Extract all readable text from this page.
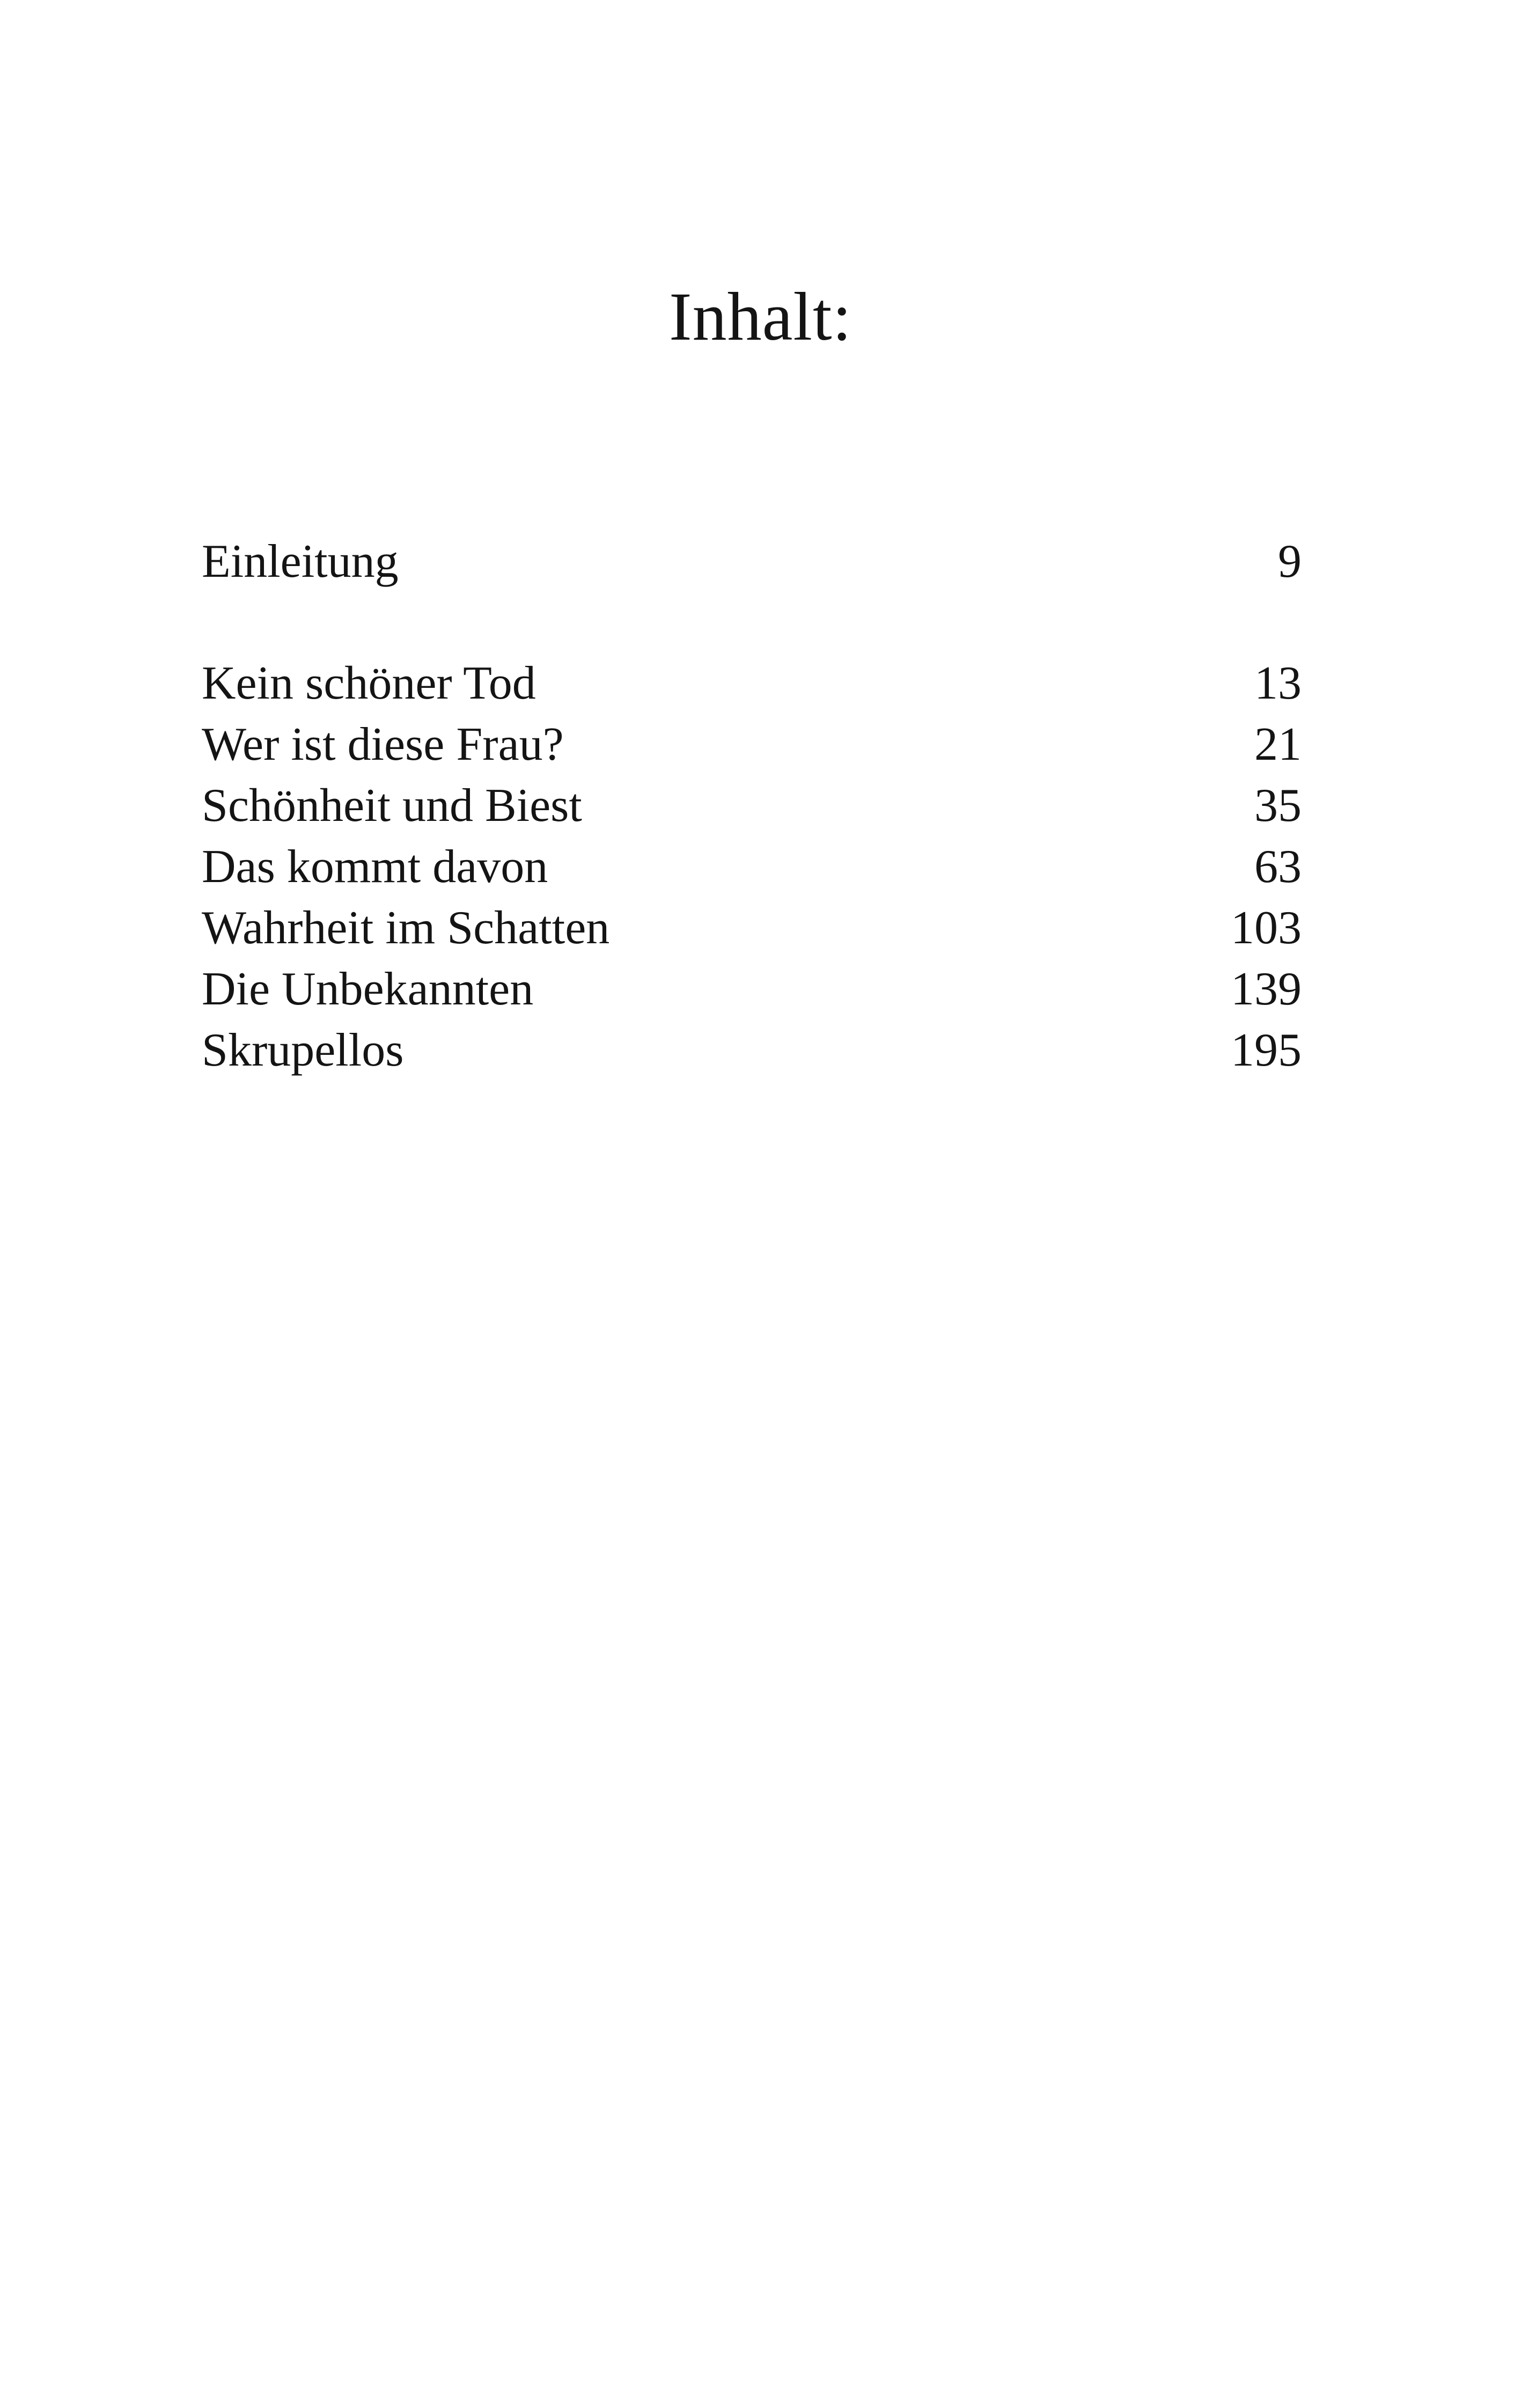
Inhalt:
Einleitung	9
Kein schöner Tod	13
Wer ist diese Frau?	21
Schönheit und Biest	35
Das kommt davon	63
Wahrheit im Schatten	103
Die Unbekannten	139
Skrupellos	195
